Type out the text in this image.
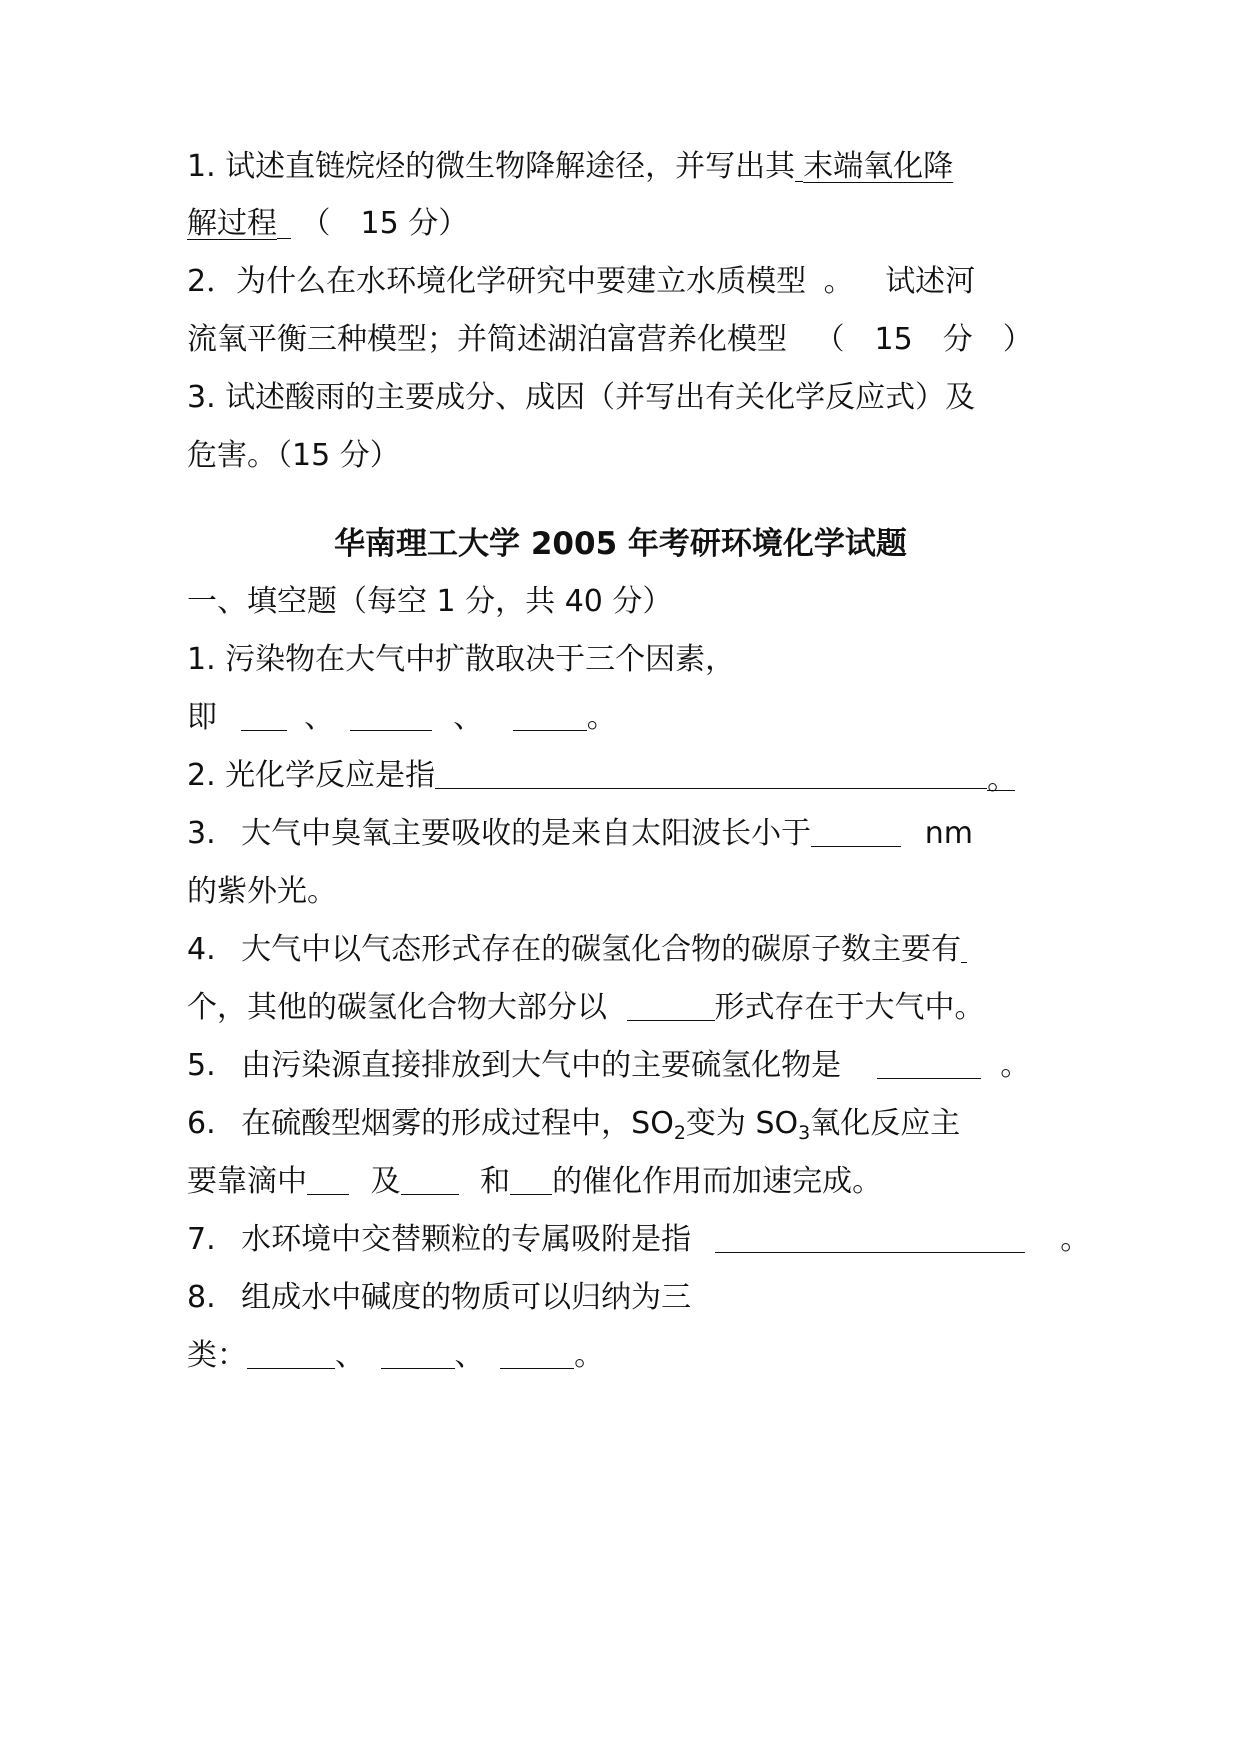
1. 试述直链烷烃的微生物降解途径，并写出其 末端氧化降
解过程 （　15 分）
2．为什么在水环境化学研究中要建立水质模型 。 试述河
流氧平衡三种模型；并简述湖泊富营养化模型 （　15　分　）
3. 试述酸雨的主要成分、成因（并写出有关化学反应式）及
危害。（15 分）
华南理工大学 2005 年考研环境化学试题
一、填空题（每空 1 分，共 40 分）
1. 污染物在大气中扩散取决于三个因素，
即	、	、	。
2. 光化学反应是指	。
3. 大气中臭氧主要吸收的是来自太阳波长小于	nm
的紫外光。
4. 大气中以气态形式存在的碳氢化合物的碳原子数主要有
个，其他的碳氢化合物大部分以	形式存在于大气中。
5. 由污染源直接排放到大气中的主要硫氢化物是	。
6. 在硫酸型烟雾的形成过程中，$SO_2$变为 $SO_3$氧化反应主
要靠滴中 及	和 的催化作用而加速完成。
7. 水环境中交替颗粒的专属吸附是指	。
8. 组成水中碱度的物质可以归纳为三
类：	、	、	。
